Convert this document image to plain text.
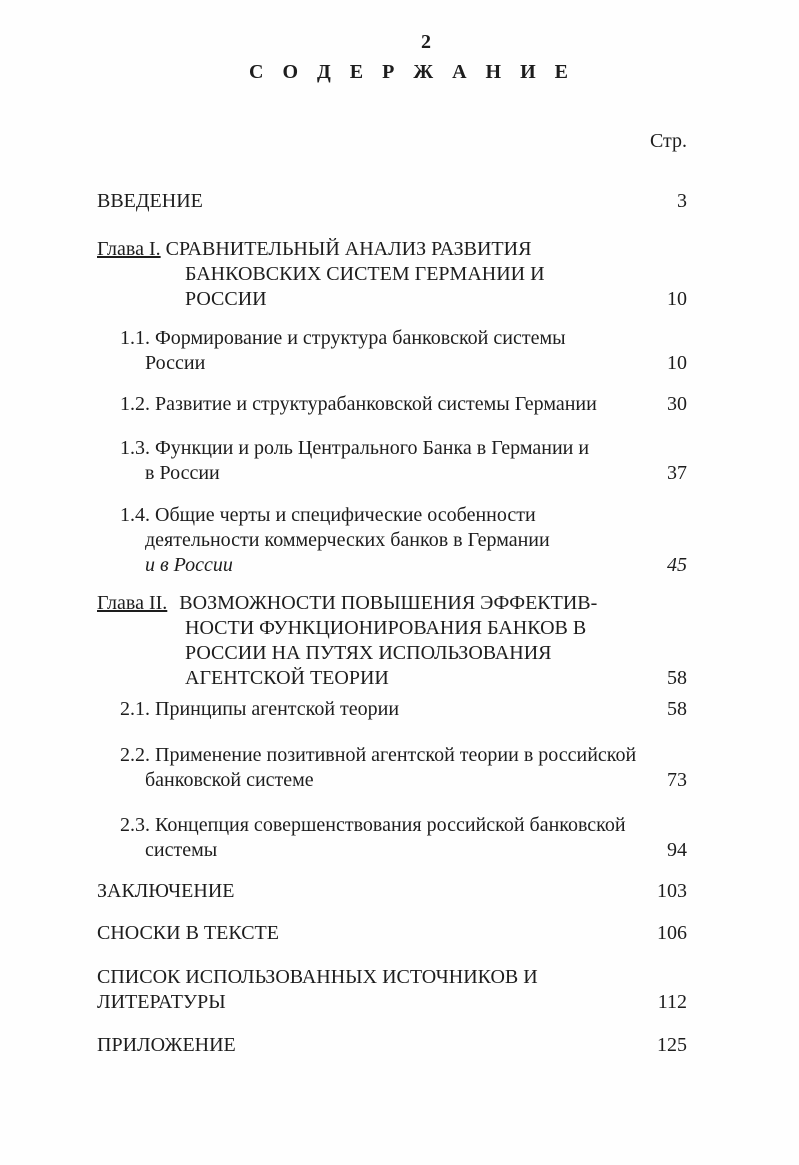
2
С О Д Е Р Ж А Н И Е
Стр.
ВВЕДЕНИЕ	3
Глава I. СРАВНИТЕЛЬНЫЙ АНАЛИЗ РАЗВИТИЯ
БАНКОВСКИХ СИСТЕМ ГЕРМАНИИ И
РОССИИ	10
1.1. Формирование и структура банковской системы
России	10
1.2. Развитие и структурабанковской системы Германии	30
1.3. Функции и роль Центрального Банка в Германии и
в России	37
1.4. Общие черты и специфические особенности
деятельности коммерческих банков в Германии
и в России	45
Глава II. ВОЗМОЖНОСТИ ПОВЫШЕНИЯ ЭФФЕКТИВ-
НОСТИ ФУНКЦИОНИРОВАНИЯ БАНКОВ В
РОССИИ НА ПУТЯХ ИСПОЛЬЗОВАНИЯ
АГЕНТСКОЙ ТЕОРИИ	58
2.1. Принципы агентской теории	58
2.2. Применение позитивной агентской теории в российской
банковской системе	73
2.3. Концепция совершенствования российской банковской
системы	94
ЗАКЛЮЧЕНИЕ	103
СНОСКИ В ТЕКСТЕ	106
СПИСОК ИСПОЛЬЗОВАННЫХ ИСТОЧНИКОВ И
ЛИТЕРАТУРЫ	112
ПРИЛОЖЕНИЕ	125
